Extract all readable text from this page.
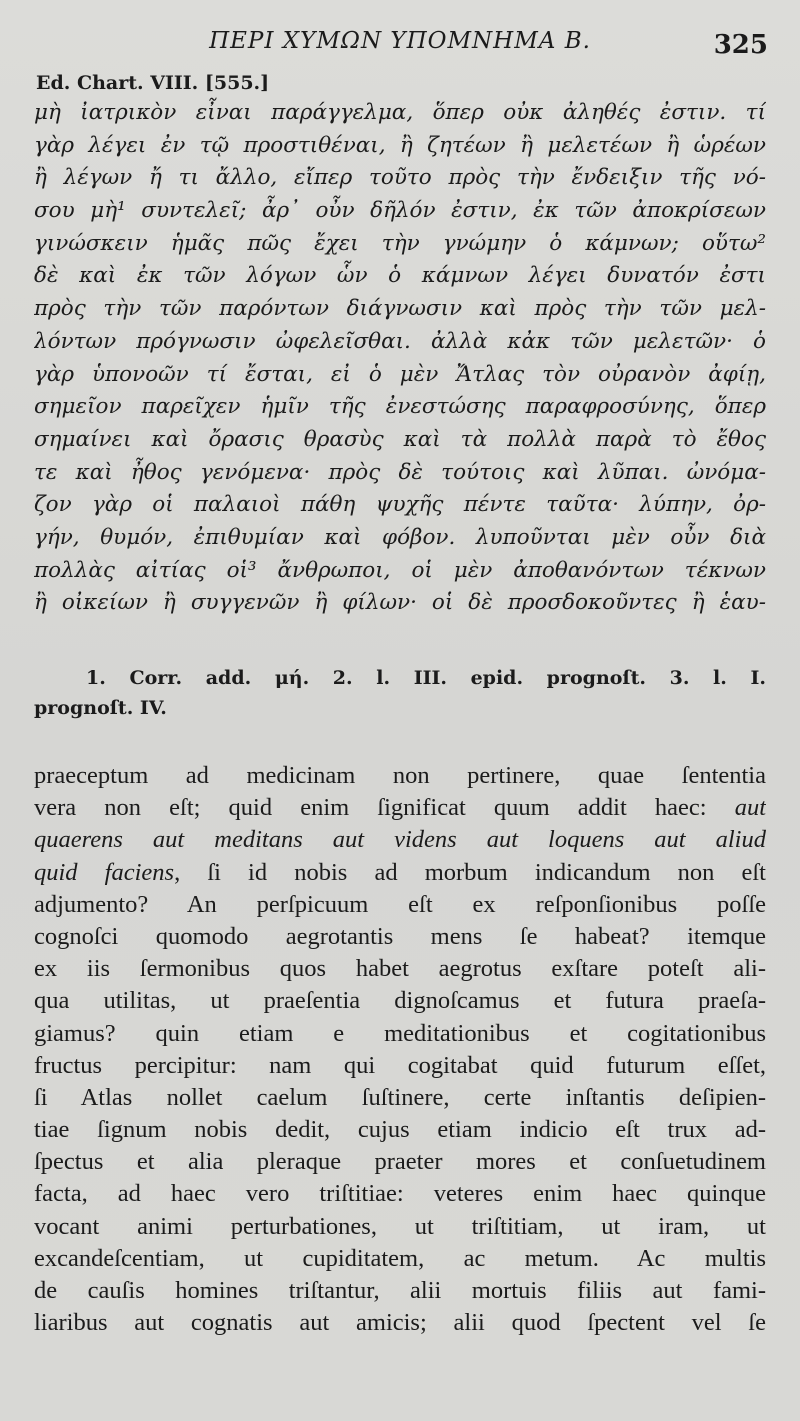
ΠΕΡΙ ΧΥΜΩΝ ΥΠΟΜΝΗΜΑ Β.	325
Ed. Chart. VIII. [555.]
μὴ ἰατρικὸν εἶναι παράγγελμα, ὅπερ οὐκ ἀληθές ἐστιν. τί
γὰρ λέγει ἐν τῷ προστιθέναι, ἢ ζητέων ἢ μελετέων ἢ ὡρέων
ἢ λέγων ἤ τι ἄλλο, εἴπερ τοῦτο πρὸς τὴν ἔνδειξιν τῆς νό-
σου μὴ¹ συντελεῖ; ἆρ᾽ οὖν δῆλόν ἐστιν, ἐκ τῶν ἀποκρίσεων
γινώσκειν ἡμᾶς πῶς ἔχει τὴν γνώμην ὁ κάμνων; οὕτω²
δὲ καὶ ἐκ τῶν λόγων ὧν ὁ κάμνων λέγει δυνατόν ἐστι
πρὸς τὴν τῶν παρόντων διάγνωσιν καὶ πρὸς τὴν τῶν μελ-
λόντων πρόγνωσιν ὠφελεῖσθαι. ἀλλὰ κἀκ τῶν μελετῶν· ὁ
γὰρ ὑπονοῶν τί ἔσται, εἰ ὁ μὲν Ἄτλας τὸν οὐρανὸν ἀφίῃ,
σημεῖον παρεῖχεν ἡμῖν τῆς ἐνεστώσης παραφροσύνης, ὅπερ
σημαίνει καὶ ὄρασις θρασὺς καὶ τὰ πολλὰ παρὰ τὸ ἔθος
τε καὶ ἦθος γενόμενα· πρὸς δὲ τούτοις καὶ λῦπαι. ὠνόμα-
ζον γὰρ οἱ παλαιοὶ πάθη ψυχῆς πέντε ταῦτα· λύπην, ὀρ-
γήν, θυμόν, ἐπιθυμίαν καὶ φόβον. λυποῦνται μὲν οὖν διὰ
πολλὰς αἰτίας οἱ³ ἄνθρωποι, οἱ μὲν ἀποθανόντων τέκνων
ἢ οἰκείων ἢ συγγενῶν ἢ φίλων· οἱ δὲ προσδοκοῦντες ἢ ἑαυ-
1. Corr. add. μή. 2. l. III. epid. prognoſt. 3. l. I.
prognoſt. IV.
praeceptum ad medicinam non pertinere, quae ſententia
vera non eſt; quid enim ſignificat quum addit haec: aut
quaerens aut meditans aut videns aut loquens aut aliud
quid faciens, ſi id nobis ad morbum indicandum non eſt
adjumento? An perſpicuum eſt ex reſponſionibus poſſe
cognoſci quomodo aegrotantis mens ſe habeat? itemque
ex iis ſermonibus quos habet aegrotus exſtare poteſt ali-
qua utilitas, ut praeſentia dignoſcamus et futura praeſa-
giamus? quin etiam e meditationibus et cogitationibus
fructus percipitur: nam qui cogitabat quid futurum eſſet,
ſi Atlas nollet caelum ſuſtinere, certe inſtantis deſipien-
tiae ſignum nobis dedit, cujus etiam indicio eſt trux ad-
ſpectus et alia pleraque praeter mores et conſuetudinem
facta, ad haec vero triſtitiae: veteres enim haec quinque
vocant animi perturbationes, ut triſtitiam, ut iram, ut
excandeſcentiam, ut cupiditatem, ac metum. Ac multis
de cauſis homines triſtantur, alii mortuis filiis aut fami-
liaribus aut cognatis aut amicis; alii quod ſpectent vel ſe
